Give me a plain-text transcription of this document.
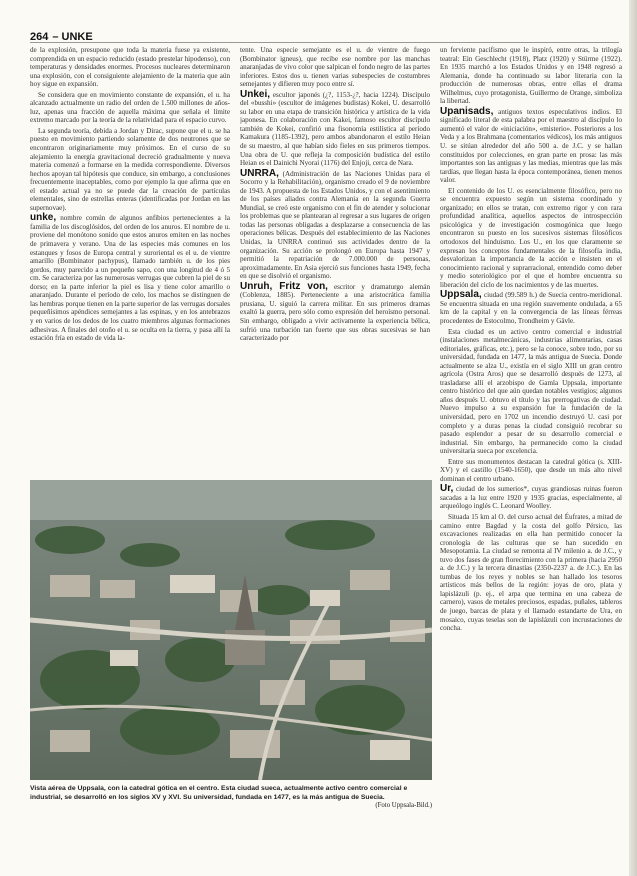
264 – UNKE

de la explosión, presupone que toda la materia fuese ya existente, comprendida en un espacio reducido (estado prestelar hipodenso), con temperaturas y densidades enormes. Procesos nucleares determinaron una explosión, con el consiguiente alejamiento de la materia que aún hoy sigue en expansión.

Se considera que en movimiento constante de expansión, el u. ha alcanzado actualmente un radio del orden de 1.500 millones de años-luz, apenas una fracción de aquella máxima que señala el límite extremo marcado por la teoría de la relatividad para el espacio curvo.

La segunda teoría, debida a Jordan y Dirac, supone que el u. se ha puesto en movimiento partiendo solamente de dos neutrones que se encontraron originariamente muy próximos. En el curso de su alejamiento la energía gravitacional decreció gradualmente y nueva materia comenzó a formarse en la medida correspondiente. Diversos hechos apoyan tal hipótesis que conduce, sin embargo, a conclusiones frecuentemente inaceptables, como por ejemplo la que afirma que en el estado actual ya no se puede dar la creación de partículas elementales, sino de estrellas enteras (identificadas por Jordan en las supernovae).

unke, nombre común de algunos anfibios pertenecientes a la familia de los discoglósidos, del orden de los anuros. El nombre de u. proviene del monótono sonido que estos anuros emiten en las noches de primavera y verano. Una de las especies más comunes en los estanques y fosos de Europa central y suroriental es el u. de vientre amarillo (Bombinator pachypus), llamado también u. de los pies gordos, muy parecido a un pequeño sapo, con una longitud de 4 ó 5 cm. Se caracteriza por las numerosas verrugas que cubren la piel de su dorso; en la parte inferior la piel es lisa y tiene color amarillo o anaranjado. Durante el período de celo, los machos se distinguen de las hembras porque tienen en la parte superior de las verrugas dorsales pequeñísimos apéndices semejantes a las espinas, y en los antebrazos y en varios de los dedos de los cuatro miembros algunas formaciones adhesivas. A finales del otoño el u. se oculta en la tierra, y pasa allí la estación fría en estado de vida la-

tente. Una especie semejante es el u. de vientre de fuego (Bombinator igneus), que recibe ese nombre por las manchas anaranjadas de vivo color que salpican el fondo negro de las partes inferiores. Estos dos u. tienen varias subespecies de costumbres semejantes y difieren muy poco entre sí.

Unkei, escultor japonés (¿?, 1153-¿?, hacia 1224). Discípulo del «busshi» (escultor de imágenes budistas) Kokei, U. desarrolló su labor en una etapa de transición histórica y artística de la vida japonesa. En colaboración con Kakei, famoso escultor discípulo también de Kokei, confirió una fisonomía estilística al período Kamakura (1185-1392), pero ambos abandonaron el estilo Heian de su maestro, al que habían sido fieles en sus primeros tiempos. Una obra de U. que refleja la composición budística del estilo Heian es el Dainichi Nyorai (1176) del Enjoji, cerca de Nara.

UNRRA, (Administración de las Naciones Unidas para el Socorro y la Rehabilitación), organismo creado el 9 de noviembre de 1943. A propuesta de los Estados Unidos, y con el asentimiento de los países aliados contra Alemania en la segunda Guerra Mundial, se creó este organismo con el fin de atender y solucionar los problemas que se plantearan al regresar a sus lugares de origen todas las personas obligadas a desplazarse a consecuencia de las operaciones bélicas. Después del establecimiento de las Naciones Unidas, la UNRRA continuó sus actividades dentro de la organización. Su acción se prolongó en Europa hasta 1947 y permitió la repatriación de 7.000.000 de personas, aproximadamente. En Asia ejerció sus funciones hasta 1949, fecha en que se disolvió el organismo.

Unruh, Fritz von, escritor y dramaturgo alemán (Coblenza, 1885). Perteneciente a una aristocrática familia prusiana, U. siguió la carrera militar. En sus primeros dramas exaltó la guerra, pero sólo como expresión del heroísmo personal. Sin embargo, obligado a vivir activamente la experiencia bélica, sufrió una turbación tan fuerte que sus obras sucesivas se han caracterizado por

un ferviente pacifismo que le inspiró, entre otras, la trilogía teatral: Ein Geschlecht (1918), Platz (1920) y Stürme (1922). En 1935 marchó a los Estados Unidos y en 1948 regresó a Alemania, donde ha continuado su labor literaria con la producción de numerosas obras, entre ellas el drama Wilhelmus, cuyo protagonista, Guillermo de Orange, simboliza la libertad.

Upanisads, antiguos textos especulativos indios. El significado literal de esta palabra por el maestro al discípulo lo aumentó el valor de «iniciación», «misterio». Posteriores a los Veda y a los Brahmana (comentarios védicos), los más antiguos U. se sitúan alrededor del año 500 a. de J.C. y se hallan constituidos por colecciones, en gran parte en prosa: las más importantes son las antiguas y las medias, mientras que las más tardías, que llegan hasta la época contemporánea, tienen menos valor.

El contenido de los U. es esencialmente filosófico, pero no se encuentra expuesto según un sistema coordinado y organizado; en ellos se tratan, con extremo rigor y con rara profundidad analítica, aquellos aspectos de introspección psicológica y de investigación cosmogónica que luego encontraron su puesto en los sucesivos sistemas filosóficos ortodoxos del hinduismo. Los U., en los que claramente se expresan los conceptos fundamentales de la filosofía india, desvalorizan la importancia de la acción e insisten en el conocimiento racional y suprarracional, entendido como deber y medio soteriológico por el que el hombre encuentra su liberación del ciclo de los nacimientos y de las muertes.

Uppsala, ciudad (99.589 h.) de Suecia centro-meridional. Se encuentra situada en una región suavemente ondulada, a 65 km de la capital y en la convergencia de las líneas férreas procedentes de Estocolmo, Trondheim y Gävle.

Esta ciudad es un activo centro comercial e industrial (instalaciones metalmecánicas, industrias alimentarias, casas editoriales, gráficas, etc.), pero se la conoce, sobre todo, por su universidad, fundada en 1477, la más antigua de Suecia. Donde actualmente se alza U., existía en el siglo XIII un gran centro agrícola (Ostra Aros) que se desarrolló después de 1273, al trasladarse allí el arzobispo de Gamla Uppsala, importante centro histórico del que aún quedan notables vestigios; algunos años después U. obtuvo el título y las prerrogativas de ciudad. Nuevo impulso a su expansión fue la fundación de la universidad, pero en 1702 un incendio destruyó U. casi por completo y a duras penas la ciudad consiguió recobrar su pasado esplendor a pesar de su desarrollo comercial e industrial. Sin embargo, ha permanecido como la ciudad universitaria sueca por excelencia.

Entre sus monumentos destacan la catedral gótica (s. XIII-XV) y el castillo (1540-1650), que desde un más alto nivel dominan el centro urbano.

Ur, ciudad de los sumerios*, cuyas grandiosas ruinas fueron sacadas a la luz entre 1920 y 1935 gracias, especialmente, al arqueólogo inglés C. Leonard Woolley.

Situada 15 km al O. del curso actual del Éufrates, a mitad de camino entre Bagdad y la costa del golfo Pérsico, las excavaciones realizadas en ella han permitido conocer la cronología de las culturas que se han sucedido en Mesopotamia. La ciudad se remonta al IV milenio a. de J.C., y tuvo dos fases de gran florecimiento con la primera (hacia 2950 a. de J.C.) y la tercera dinastías (2350-2237 a. de J.C.). En las tumbas de los reyes y nobles se han hallado los tesoros artísticos más bellos de la región: joyas de oro, plata y lapislázuli (p. ej., el arpa que termina en una cabeza de carnero), vasos de metales preciosos, espadas, puñales, tableros de juego, barcas de plata y el llamado estandarte de Ura, en mosaico, cuyas teselas son de lapislázuli con incrustaciones de concha.

Vista aérea de Uppsala, con la catedral gótica en el centro. Esta ciudad sueca, actualmente activo centro comercial e industrial, se desarrolló en los siglos XV y XVI. Su universidad, fundada en 1477, es la más antigua de Suecia.
(Foto Uppsala-Bild.)
